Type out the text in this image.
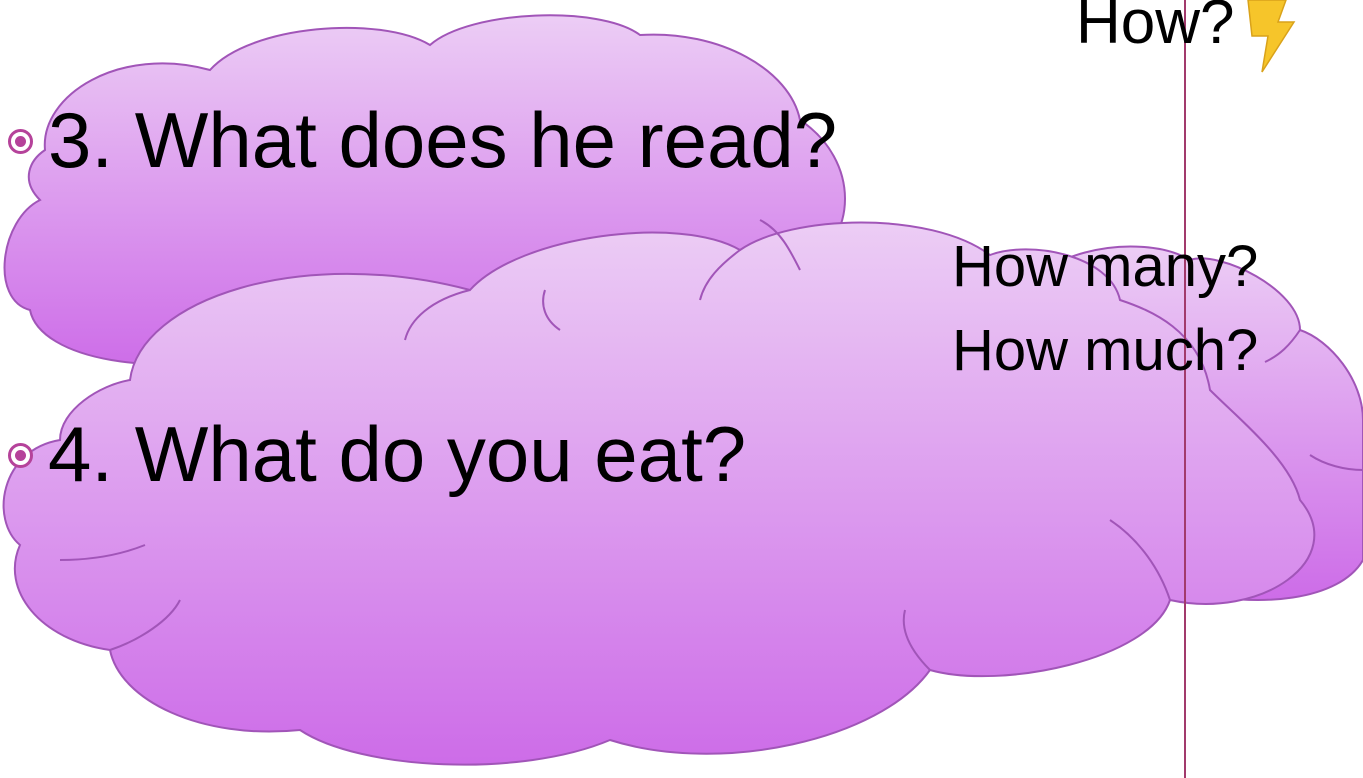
How?
3. What does he read?
How many?
How much?
4. What do you eat?
